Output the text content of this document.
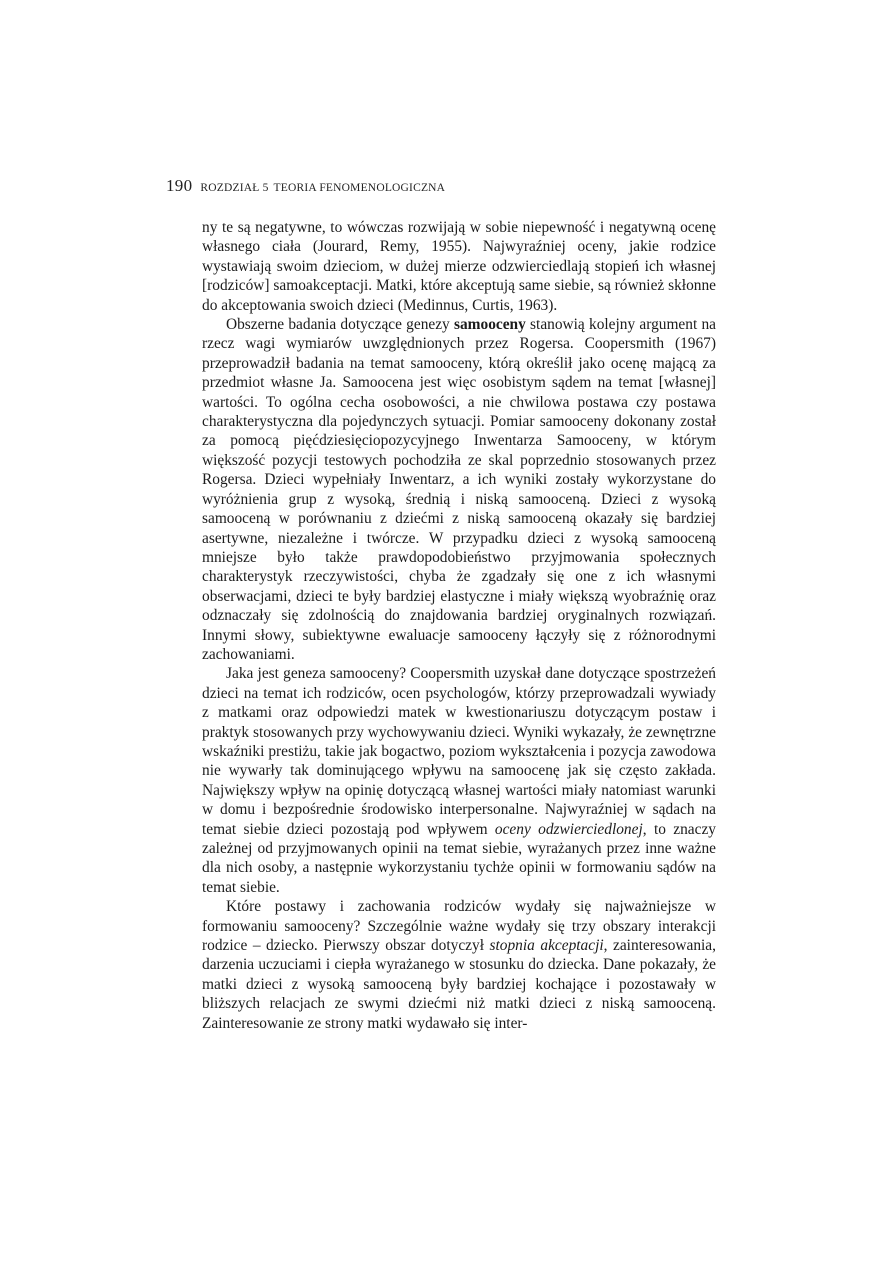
190 ROZDZIAŁ 5 TEORIA FENOMENOLOGICZNA

ny te są negatywne, to wówczas rozwijają w sobie niepewność i negatywną ocenę własnego ciała (Jourard, Remy, 1955). Najwyraźniej oceny, jakie rodzice wystawiają swoim dzieciom, w dużej mierze odzwierciedlają stopień ich własnej [rodziców] samoakceptacji. Matki, które akceptują same siebie, są również skłonne do akceptowania swoich dzieci (Medinnus, Curtis, 1963).

Obszerne badania dotyczące genezy samooceny stanowią kolejny argument na rzecz wagi wymiarów uwzględnionych przez Rogersa. Coopersmith (1967) przeprowadził badania na temat samooceny, którą określił jako ocenę mającą za przedmiot własne Ja. Samoocena jest więc osobistym sądem na temat [własnej] wartości. To ogólna cecha osobowości, a nie chwilowa postawa czy postawa charakterystyczna dla pojedynczych sytuacji. Pomiar samooceny dokonany został za pomocą pięćdziesięciopozycyjnego Inwentarza Samooceny, w którym większość pozycji testowych pochodziła ze skal poprzednio stosowanych przez Rogersa. Dzieci wypełniały Inwentarz, a ich wyniki zostały wykorzystane do wyróżnienia grup z wysoką, średnią i niską samooceną. Dzieci z wysoką samooceną w porównaniu z dziećmi z niską samooceną okazały się bardziej asertywne, niezależne i twórcze. W przypadku dzieci z wysoką samooceną mniejsze było także prawdopodobieństwo przyjmowania społecznych charakterystyk rzeczywistości, chyba że zgadzały się one z ich własnymi obserwacjami, dzieci te były bardziej elastyczne i miały większą wyobraźnię oraz odznaczały się zdolnością do znajdowania bardziej oryginalnych rozwiązań. Innymi słowy, subiektywne ewaluacje samooceny łączyły się z różnorodnymi zachowaniami.

Jaka jest geneza samooceny? Coopersmith uzyskał dane dotyczące spostrzeżeń dzieci na temat ich rodziców, ocen psychologów, którzy przeprowadzali wywiady z matkami oraz odpowiedzi matek w kwestionariuszu dotyczącym postaw i praktyk stosowanych przy wychowywaniu dzieci. Wyniki wykazały, że zewnętrzne wskaźniki prestiżu, takie jak bogactwo, poziom wykształcenia i pozycja zawodowa nie wywarły tak dominującego wpływu na samoocenę jak się często zakłada. Największy wpływ na opinię dotyczącą własnej wartości miały natomiast warunki w domu i bezpośrednie środowisko interpersonalne. Najwyraźniej w sądach na temat siebie dzieci pozostają pod wpływem oceny odzwierciedlonej, to znaczy zależnej od przyjmowanych opinii na temat siebie, wyrażanych przez inne ważne dla nich osoby, a następnie wykorzystaniu tychże opinii w formowaniu sądów na temat siebie.

Które postawy i zachowania rodziców wydały się najważniejsze w formowaniu samooceny? Szczególnie ważne wydały się trzy obszary interakcji rodzice – dziecko. Pierwszy obszar dotyczył stopnia akceptacji, zainteresowania, darzenia uczuciami i ciepła wyrażanego w stosunku do dziecka. Dane pokazały, że matki dzieci z wysoką samooceną były bardziej kochające i pozostawały w bliższych relacjach ze swymi dziećmi niż matki dzieci z niską samooceną. Zainteresowanie ze strony matki wydawało się inter-
